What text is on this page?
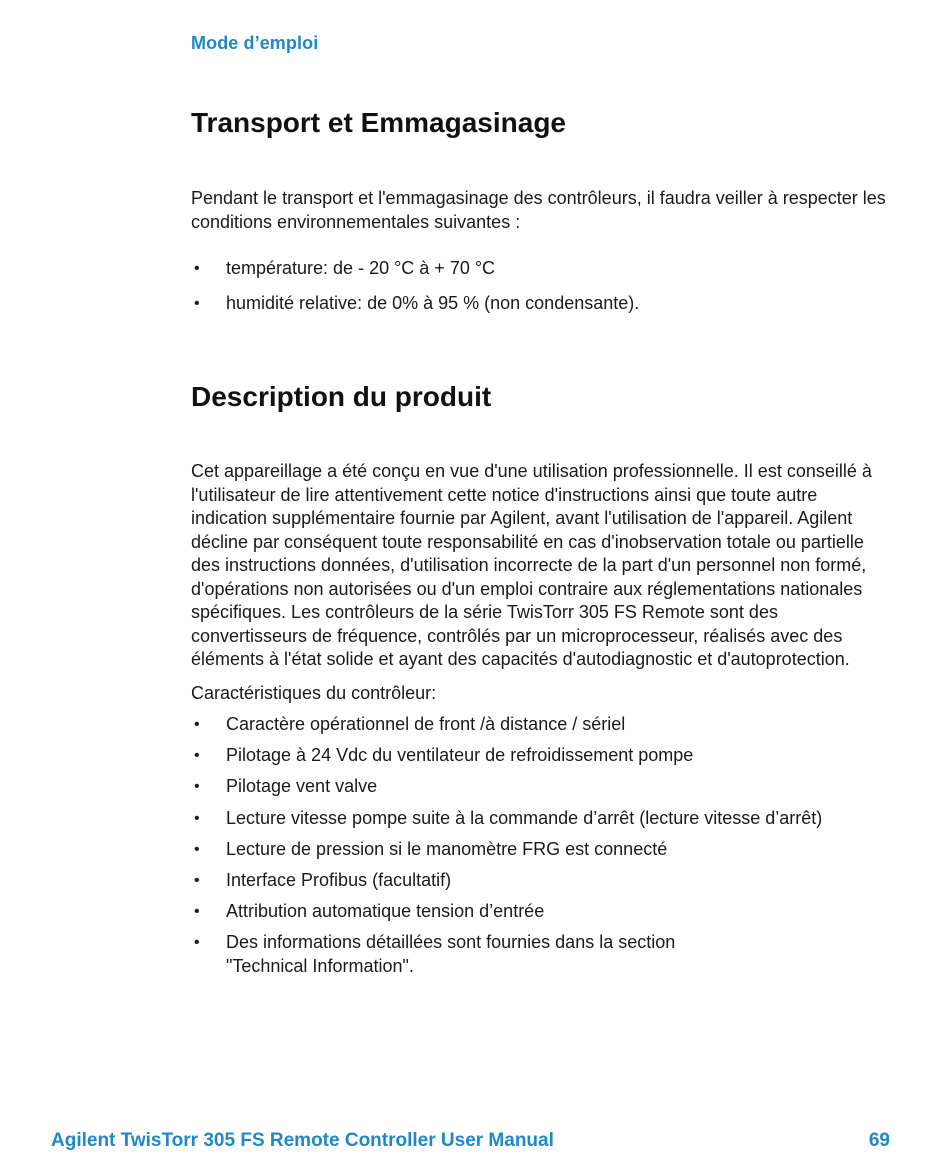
Mode d’emploi
Transport et Emmagasinage

Pendant le transport et l'emmagasinage des contrôleurs, il faudra veiller à respecter les conditions environnementales suivantes :

• température: de - 20 °C à + 70 °C
• humidité relative: de 0% à 95 % (non condensante).
Description du produit

Cet appareillage a été conçu en vue d'une utilisation professionnelle. Il est conseillé à l'utilisateur de lire attentivement cette notice d'instructions ainsi que toute autre indication supplémentaire fournie par Agilent, avant l'utilisation de l'appareil. Agilent décline par conséquent toute responsabilité en cas d'inobservation totale ou partielle des instructions données, d'utilisation incorrecte de la part d'un personnel non formé, d'opérations non autorisées ou d'un emploi contraire aux réglementations nationales spécifiques. Les contrôleurs de la série TwisTorr 305 FS Remote sont des convertisseurs de fréquence, contrôlés par un microprocesseur, réalisés avec des éléments à l'état solide et ayant des capacités d'autodiagnostic et d'autoprotection.

Caractéristiques du contrôleur:

• Caractère opérationnel de front /à distance / sériel
• Pilotage à 24 Vdc du ventilateur de refroidissement pompe
• Pilotage vent valve
• Lecture vitesse pompe suite à la commande d’arrêt (lecture vitesse d’arrêt)
• Lecture de pression si le manomètre FRG est connecté
• Interface Profibus (facultatif)
• Attribution automatique tension d’entrée
• Des informations détaillées sont fournies dans la section "Technical Information".
Agilent TwisTorr 305 FS Remote Controller User Manual	69
